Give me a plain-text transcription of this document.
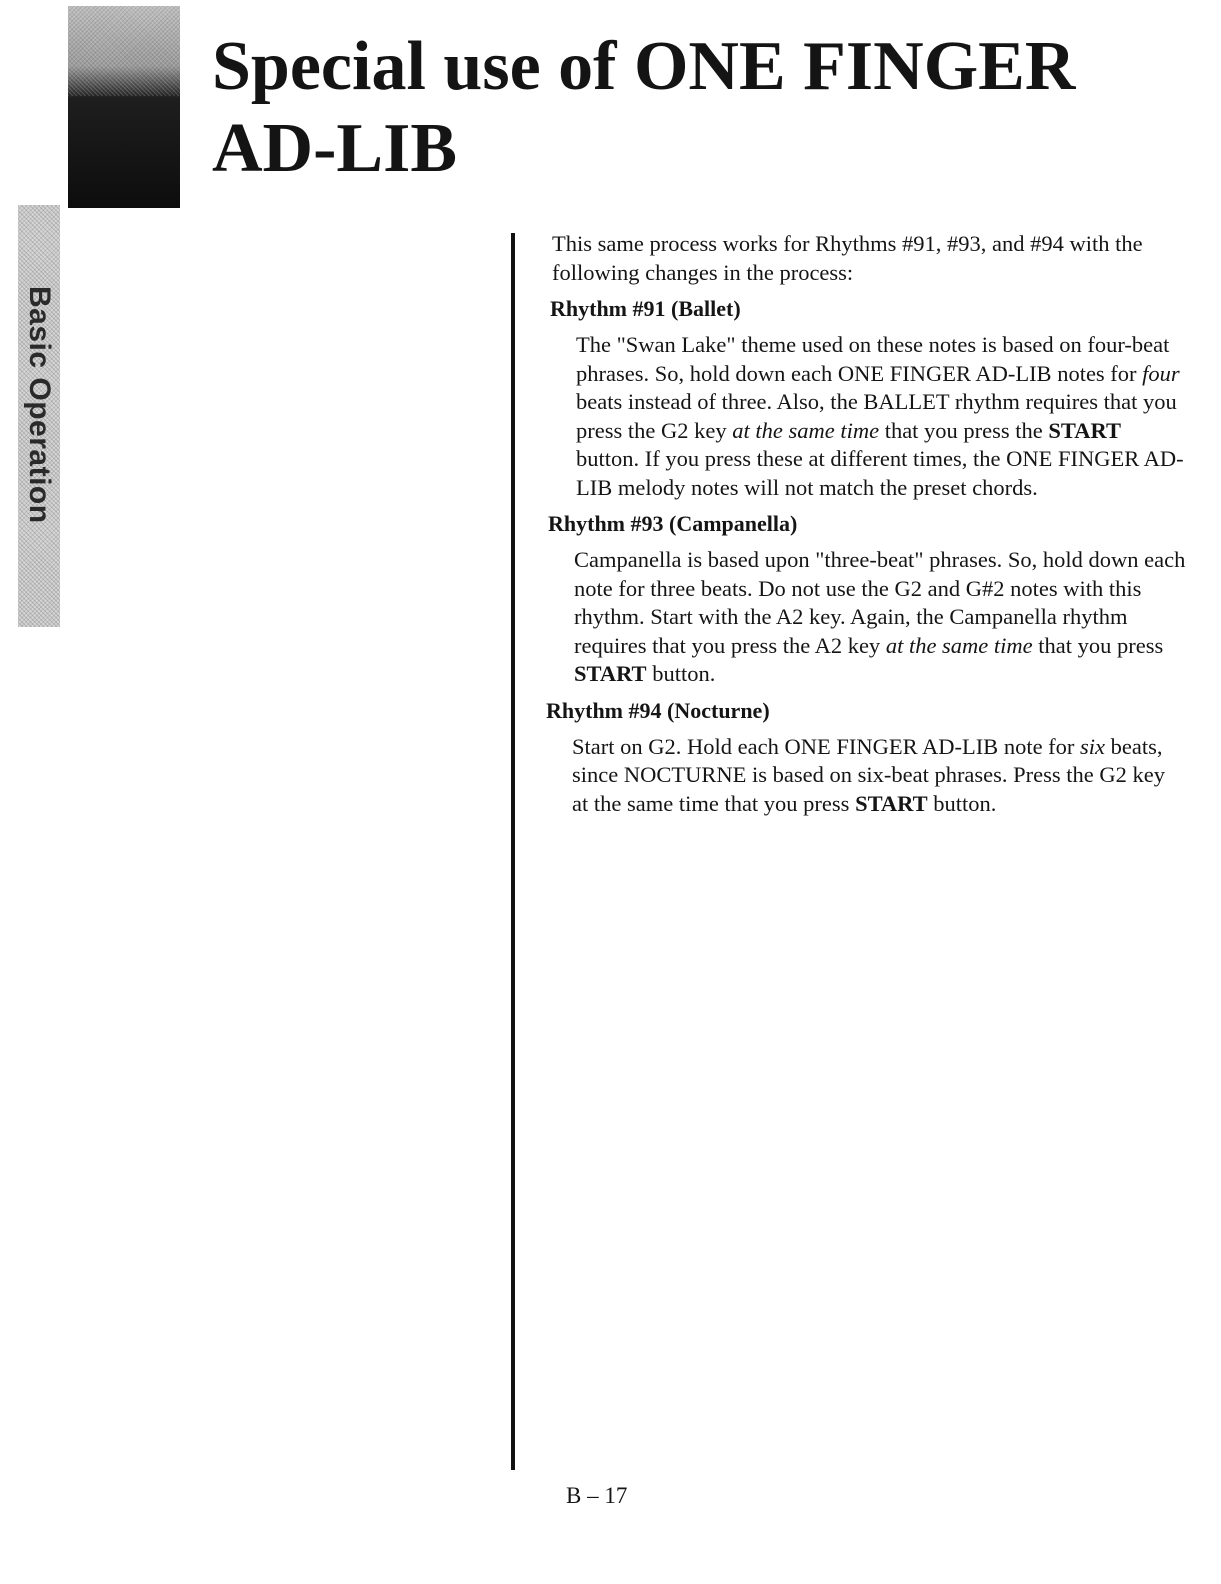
Basic Operation
Special use of ONE FINGER
AD-LIB

This same process works for Rhythms #91, #93, and #94 with the following changes in the process:

Rhythm #91 (Ballet)

The "Swan Lake" theme used on these notes is based on four-beat phrases. So, hold down each ONE FINGER AD-LIB notes for four beats instead of three. Also, the BALLET rhythm requires that you press the G2 key at the same time that you press the START button. If you press these at different times, the ONE FINGER AD-LIB melody notes will not match the preset chords.

Rhythm #93 (Campanella)

Campanella is based upon "three-beat" phrases. So, hold down each note for three beats. Do not use the G2 and G#2 notes with this rhythm. Start with the A2 key. Again, the Campanella rhythm requires that you press the A2 key at the same time that you press START button.

Rhythm #94 (Nocturne)

Start on G2. Hold each ONE FINGER AD-LIB note for six beats, since NOCTURNE is based on six-beat phrases. Press the G2 key at the same time that you press START button.

B – 17
